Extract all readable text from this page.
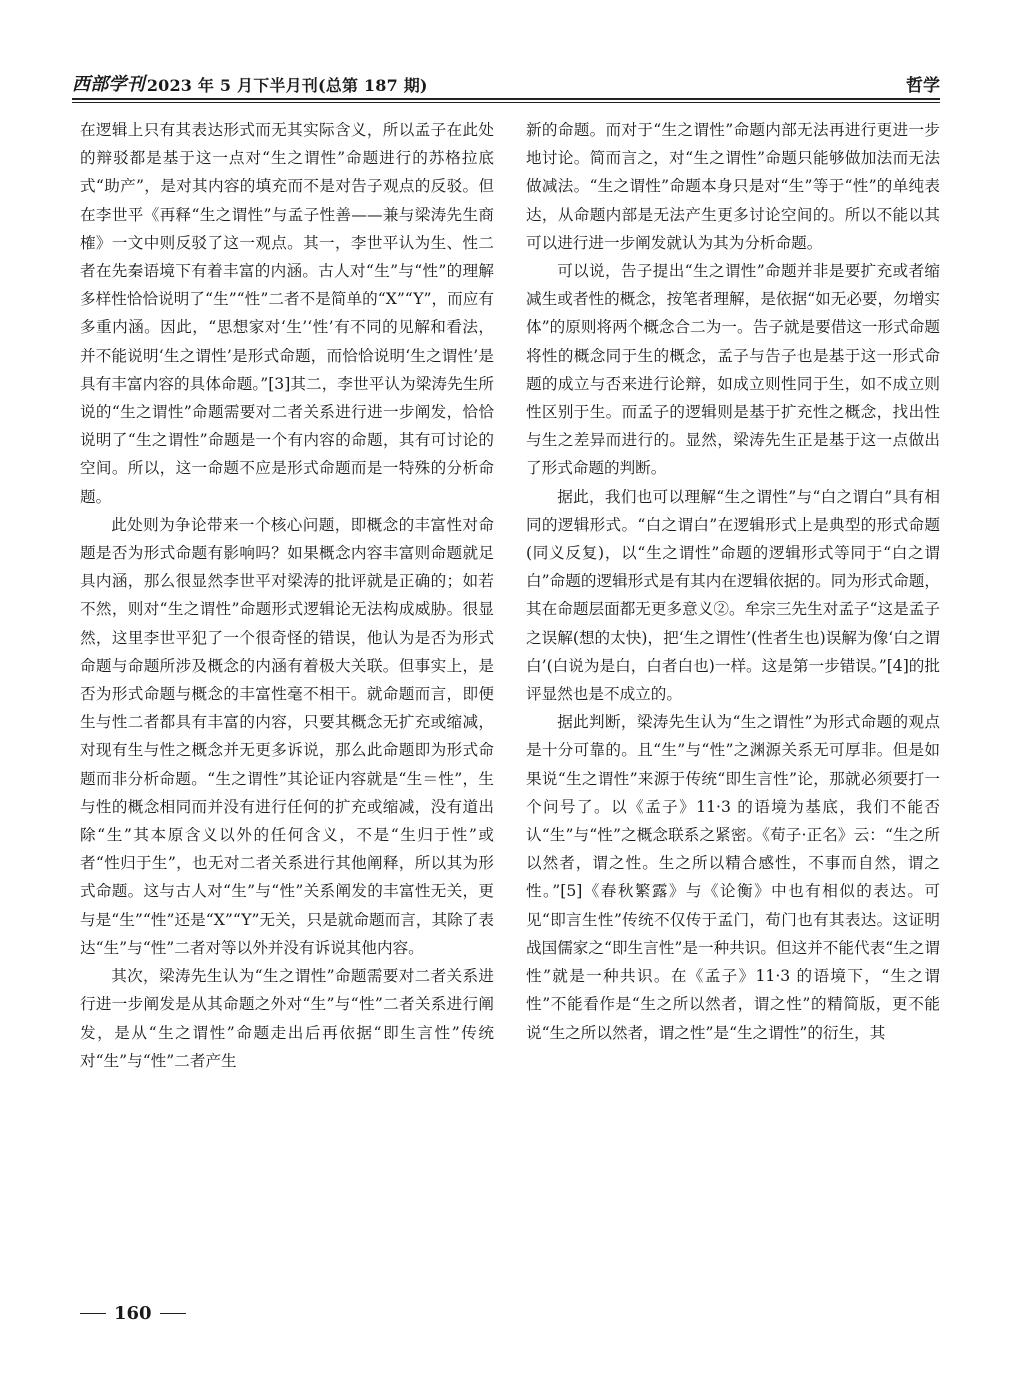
西部学刊 2023 年 5 月下半月刊(总第 187 期)	哲学

在逻辑上只有其表达形式而无其实际含义，所以孟子在此处的辩驳都是基于这一点对“生之谓性”命题进行的苏格拉底式“助产”，是对其内容的填充而不是对告子观点的反驳。但在李世平《再释“生之谓性”与孟子性善——兼与梁涛先生商榷》一文中则反驳了这一观点。其一，李世平认为生、性二者在先秦语境下有着丰富的内涵。古人对“生”与“性”的理解多样性恰恰说明了“生”“性”二者不是简单的“X”“Y”，而应有多重内涵。因此，“思想家对‘生’‘性’有不同的见解和看法，并不能说明‘生之谓性’是形式命题，而恰恰说明‘生之谓性’是具有丰富内容的具体命题。”[3]其二，李世平认为梁涛先生所说的“生之谓性”命题需要对二者关系进行进一步阐发，恰恰说明了“生之谓性”命题是一个有内容的命题，其有可讨论的空间。所以，这一命题不应是形式命题而是一特殊的分析命题。

此处则为争论带来一个核心问题，即概念的丰富性对命题是否为形式命题有影响吗？如果概念内容丰富则命题就足具内涵，那么很显然李世平对梁涛的批评就是正确的；如若不然，则对“生之谓性”命题形式逻辑论无法构成威胁。很显然，这里李世平犯了一个很奇怪的错误，他认为是否为形式命题与命题所涉及概念的内涵有着极大关联。但事实上，是否为形式命题与概念的丰富性毫不相干。就命题而言，即便生与性二者都具有丰富的内容，只要其概念无扩充或缩减，对现有生与性之概念并无更多诉说，那么此命题即为形式命题而非分析命题。“生之谓性”其论证内容就是“生＝性”，生与性的概念相同而并没有进行任何的扩充或缩减，没有道出除“生”其本原含义以外的任何含义，不是“生归于性”或者“性归于生”，也无对二者关系进行其他阐释，所以其为形式命题。这与古人对“生”与“性”关系阐发的丰富性无关，更与是“生”“性”还是“X”“Y”无关，只是就命题而言，其除了表达“生”与“性”二者对等以外并没有诉说其他内容。

其次，梁涛先生认为“生之谓性”命题需要对二者关系进行进一步阐发是从其命题之外对“生”与“性”二者关系进行阐发，是从“生之谓性”命题走出后再依据“即生言性”传统对“生”与“性”二者产生

新的命题。而对于“生之谓性”命题内部无法再进行更进一步地讨论。简而言之，对“生之谓性”命题只能够做加法而无法做减法。“生之谓性”命题本身只是对“生”等于“性”的单纯表达，从命题内部是无法产生更多讨论空间的。所以不能以其可以进行进一步阐发就认为其为分析命题。

可以说，告子提出“生之谓性”命题并非是要扩充或者缩减生或者性的概念，按笔者理解，是依据“如无必要，勿增实体”的原则将两个概念合二为一。告子就是要借这一形式命题将性的概念同于生的概念，孟子与告子也是基于这一形式命题的成立与否来进行论辩，如成立则性同于生，如不成立则性区别于生。而孟子的逻辑则是基于扩充性之概念，找出性与生之差异而进行的。显然，梁涛先生正是基于这一点做出了形式命题的判断。

据此，我们也可以理解“生之谓性”与“白之谓白”具有相同的逻辑形式。“白之谓白”在逻辑形式上是典型的形式命题(同义反复)，以“生之谓性”命题的逻辑形式等同于“白之谓白”命题的逻辑形式是有其内在逻辑依据的。同为形式命题，其在命题层面都无更多意义②。牟宗三先生对孟子“这是孟子之误解(想的太快)，把‘生之谓性’(性者生也)误解为像‘白之谓白’(白说为是白，白者白也)一样。这是第一步错误。”[4]的批评显然也是不成立的。

据此判断，梁涛先生认为“生之谓性”为形式命题的观点是十分可靠的。且“生”与“性”之渊源关系无可厚非。但是如果说“生之谓性”来源于传统“即生言性”论，那就必须要打一个问号了。以《孟子》11·3 的语境为基底，我们不能否认“生”与“性”之概念联系之紧密。《荀子·正名》云：“生之所以然者，谓之性。生之所以精合感性，不事而自然，谓之性。”[5]《春秋繁露》与《论衡》中也有相似的表达。可见“即言生性”传统不仅传于孟门，荀门也有其表达。这证明战国儒家之“即生言性”是一种共识。但这并不能代表“生之谓性”就是一种共识。在《孟子》11·3 的语境下，“生之谓性”不能看作是“生之所以然者，谓之性”的精简版，更不能说“生之所以然者，谓之性”是“生之谓性”的衍生，其

160
